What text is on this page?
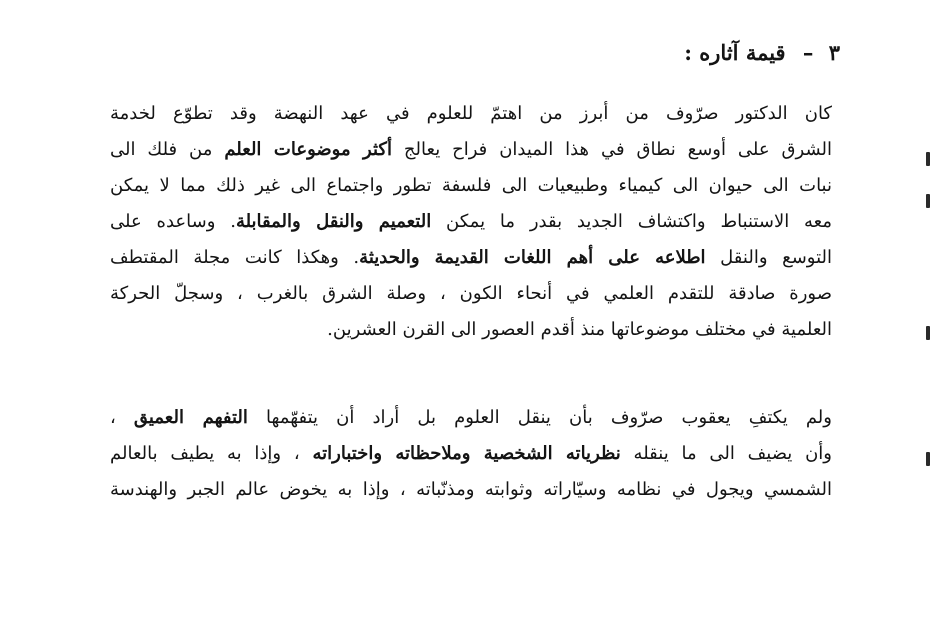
٣ – قيمة آثاره :
كان الدكتور صرّوف من أبرز من اهتمّ للعلوم في عهد النهضة وقد تطوّع لخدمة
الشرق على أوسع نطاق في هذا الميدان فراح يعالج أكثر موضوعات العلم من فلك الى
نبات الى حيوان الى كيمياء وطبيعيات الى فلسفة تطور واجتماع الى غير ذلك مما لا يمكن
معه الاستنباط واكتشاف الجديد بقدر ما يمكن التعميم والنقل والمقابلة. وساعده على
التوسع والنقل اطلاعه على أهم اللغات القديمة والحديثة. وهكذا كانت مجلة المقتطف
صورة صادقة للتقدم العلمي في أنحاء الكون ، وصلة الشرق بالغرب ، وسجلّ الحركة
العلمية في مختلف موضوعاتها منذ أقدم العصور الى القرن العشرين.
ولم يكتفِ يعقوب صرّوف بأن ينقل العلوم بل أراد أن يتفهّمها التفهم العميق ،
وأن يضيف الى ما ينقله نظرياته الشخصية وملاحظاته واختباراته ، وإذا به يطيف بالعالم
الشمسي ويجول في نظامه وسيّاراته وثوابته ومذنّباته ، وإذا به يخوض عالم الجبر والهندسة
